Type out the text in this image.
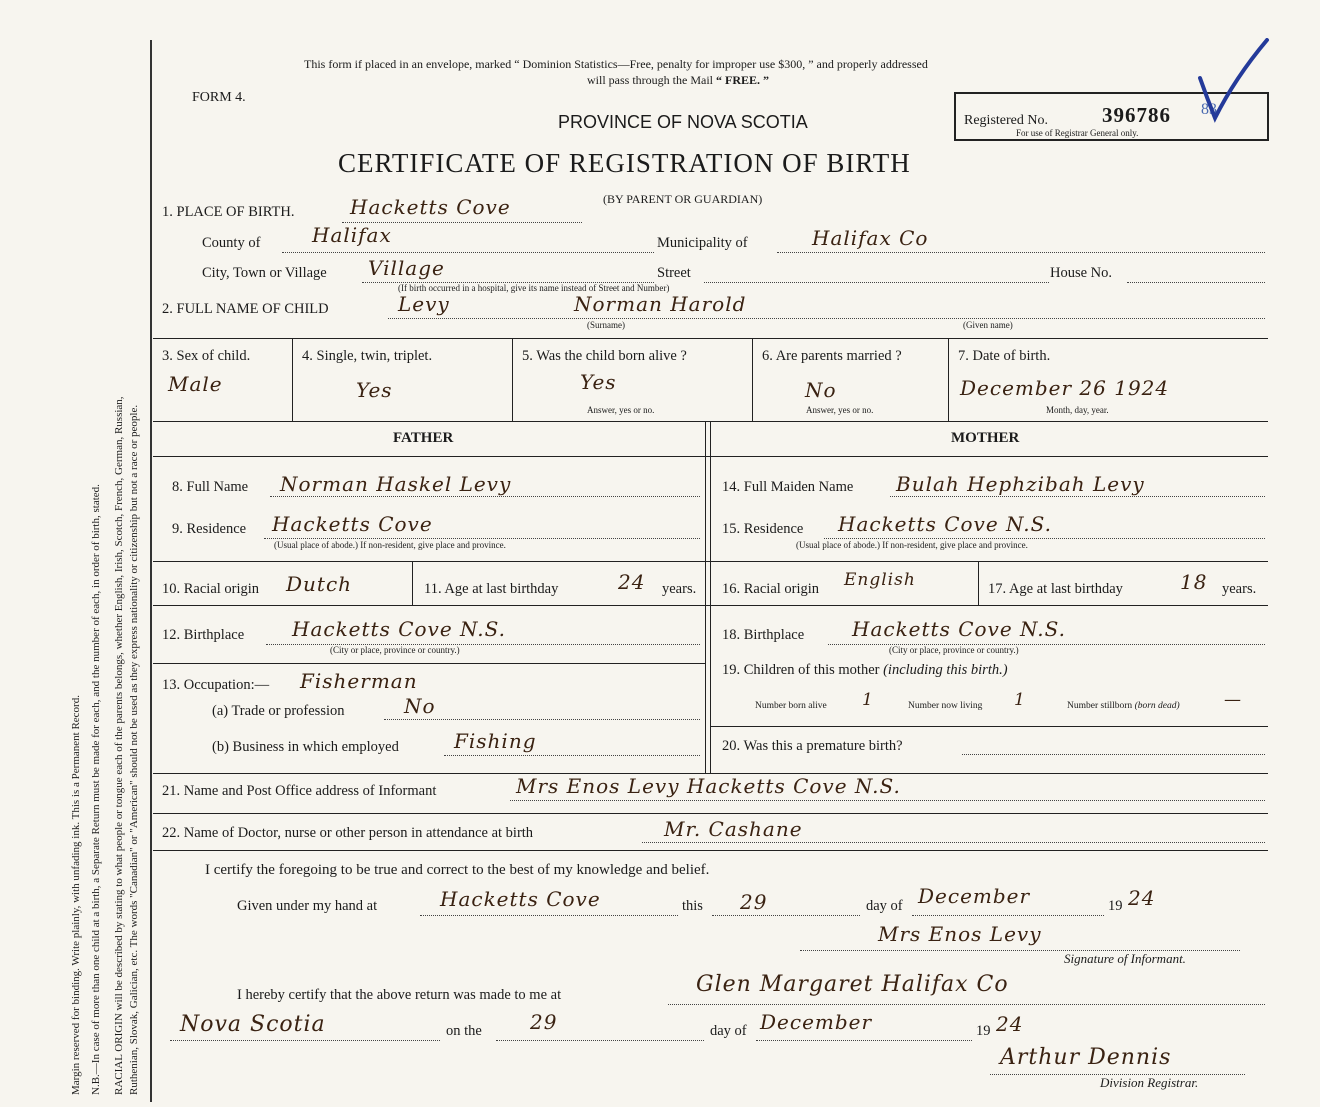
Margin reserved for binding. Write plainly, with unfading ink. This is a Permanent Record. N.B.—In case of more than one child at a birth, a Separate Return must be made for each, and the number of each, in order of birth, stated. RACIAL ORIGIN will be described by stating to what people or tongue each of the parents belongs, whether English, Irish, Scotch, French, German, Russian, Ruthenian, Slovak, Galician, etc. The words "Canadian" or "American" should not be used as they express nationality or citizenship but not a race or people.
This form if placed in an envelope, marked “ Dominion Statistics—Free, penalty for improper use $300, ” and properly addressed
will pass through the Mail “ FREE. ”
FORM 4.
PROVINCE OF NOVA SCOTIA
CERTIFICATE OF REGISTRATION OF BIRTH
(BY PARENT OR GUARDIAN)
Registered No.	396786 83
For use of Registrar General only.
1. PLACE OF BIRTH.	Hacketts Cove
County of	Halifax	Municipality of	Halifax Co
City, Town or Village Village	Street	House No.
(If birth occurred in a hospital, give its name instead of Street and Number)
2. FULL NAME OF CHILD	Levy	Norman Harold
(Surname)	(Given name)
3. Sex of child.
Male
4. Single, twin, triplet.
Yes
5. Was the child born alive ?
Yes
Answer, yes or no.
6. Are parents married ?
No
Answer, yes or no.
7. Date of birth.
December 26 1924
Month, day, year.
FATHER	MOTHER
8. Full Name Norman Haskel Levy
9. Residence Hacketts Cove
(Usual place of abode.) If non-resident, give place and province.
10. Racial origin Dutch	11. Age at last birthday	24 years.
12. Birthplace Hacketts Cove N.S.
(City or place, province or country.)
13. Occupation:— Fisherman
(a) Trade or profession	No
(b) Business in which employed	Fishing
14. Full Maiden Name Bulah Hephzibah Levy
15. Residence Hacketts Cove N.S.
(Usual place of abode.) If non-resident, give place and province.
16. Racial origin English	17. Age at last birthday	18 years.
18. Birthplace Hacketts Cove N.S.
(City or place, province or country.)
19. Children of this mother (including this birth.)
Number born alive 1	Number now living 1	Number stillborn (born dead)	—
20. Was this a premature birth?
21. Name and Post Office address of Informant	Mrs Enos Levy Hacketts Cove N.S.
22. Name of Doctor, nurse or other person in attendance at birth	Mr. Cashane
I certify the foregoing to be true and correct to the best of my knowledge and belief.
Given under my hand at	Hacketts Cove	this 29	day of December	19 24
Mrs Enos Levy
Signature of Informant.
I hereby certify that the above return was made to me at	Glen Margaret Halifax Co
Nova Scotia	on the 29	day of December	19 24
Arthur Dennis
Division Registrar.
